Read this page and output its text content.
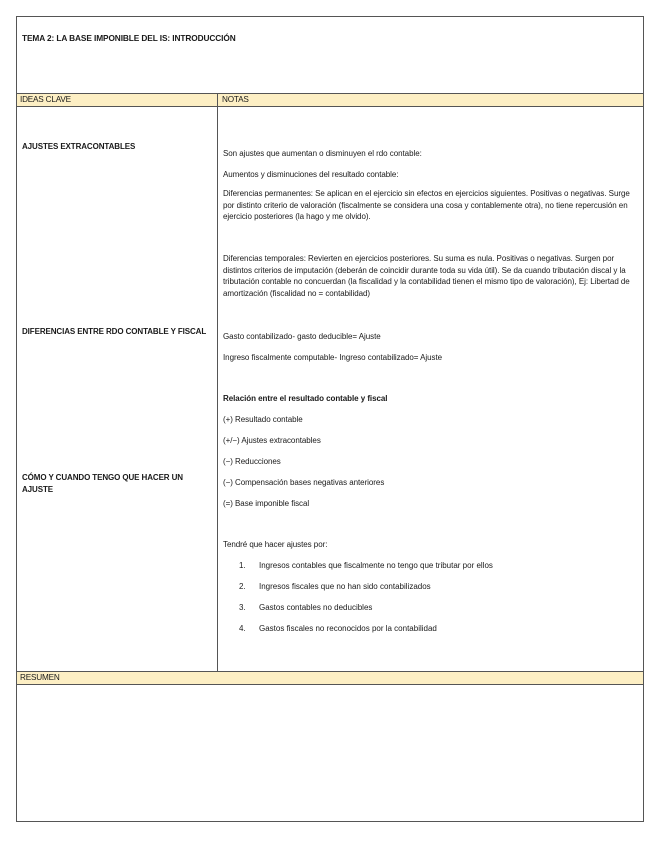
TEMA 2: LA BASE IMPONIBLE DEL IS: INTRODUCCIÓN
IDEAS CLAVE	NOTAS
AJUSTES EXTRACONTABLES
DIFERENCIAS ENTRE RDO CONTABLE Y FISCAL
CÓMO Y CUANDO TENGO QUE HACER UN AJUSTE
Son ajustes que aumentan o disminuyen el rdo contable:
Aumentos y disminuciones del resultado contable:
Diferencias permanentes: Se aplican en el ejercicio sin efectos en ejercicios siguientes. Positivas o negativas. Surge por distinto criterio de valoración (fiscalmente se considera una cosa y contablemente otra), no tiene repercusión en ejercicio posteriores (la hago y me olvido).
Diferencias temporales: Revierten en ejercicios posteriores. Su suma es nula. Positivas o negativas. Surgen por distintos criterios de imputación (deberán de coincidir durante toda su vida útil). Se da cuando tributación discal y la tributación contable no concuerdan (la fiscalidad y la contabilidad tienen el mismo tipo de valoración), Ej: Libertad de amortización (fiscalidad no = contabilidad)
Gasto contabilizado- gasto deducible= Ajuste
Ingreso fiscalmente computable- Ingreso contabilizado= Ajuste
Relación entre el resultado contable y fiscal
(+) Resultado contable
(+/−) Ajustes extracontables
(−) Reducciones
(−) Compensación bases negativas anteriores
(=) Base imponible fiscal
Tendré que hacer ajustes por:
1. Ingresos contables que fiscalmente no tengo que tributar por ellos
2. Ingresos fiscales que no han sido contabilizados
3. Gastos contables no deducibles
4. Gastos fiscales no reconocidos por la contabilidad
RESUMEN
